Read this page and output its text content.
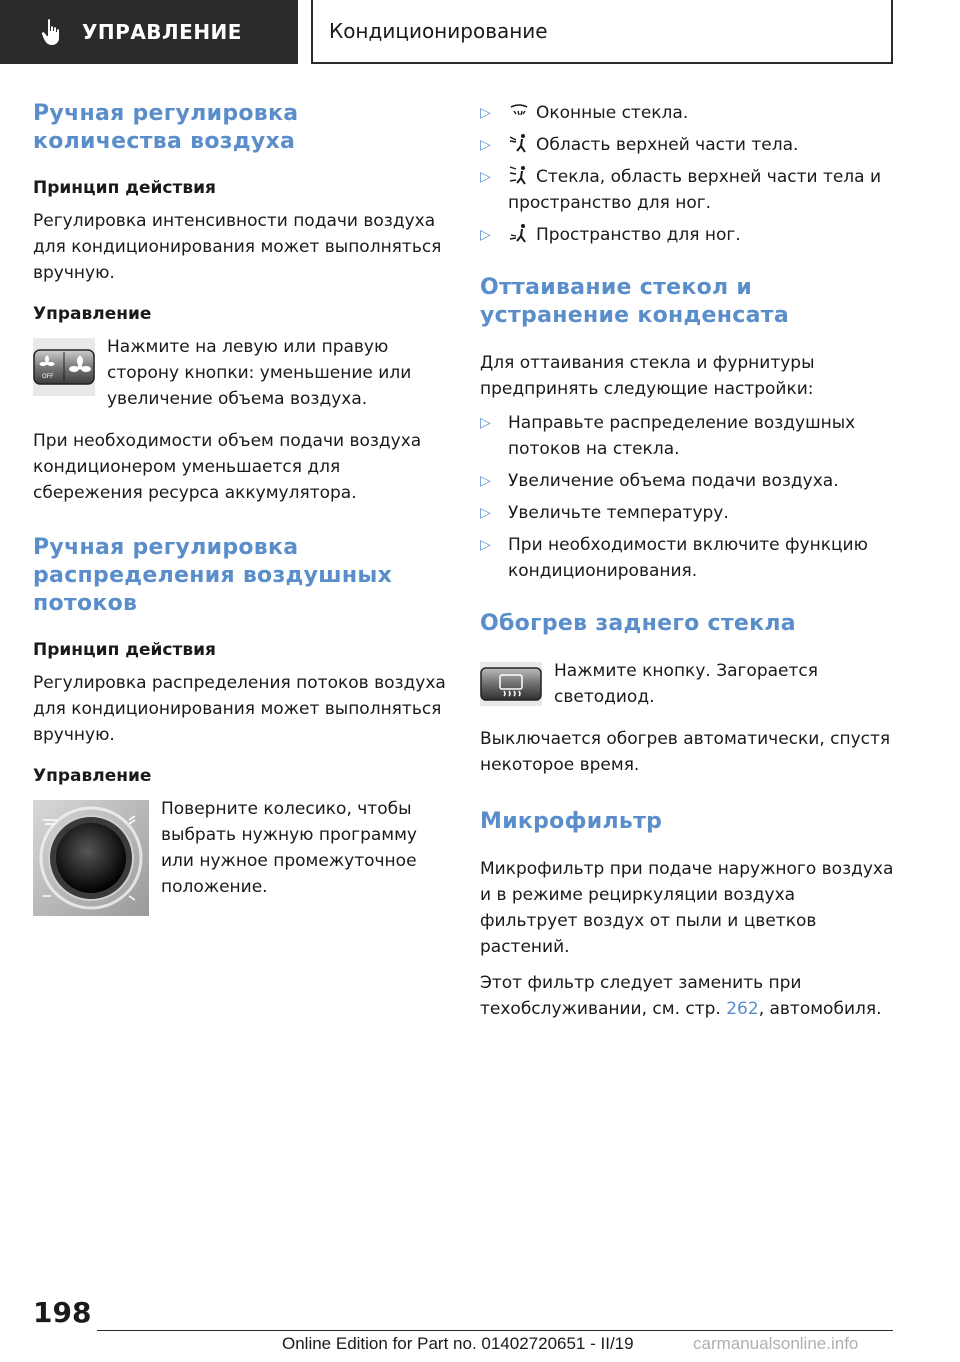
УПРАВЛЕНИЕ	Кондиционирование
Ручная регулировка количества воздуха
Принцип действия

Регулировка интенсивности подачи воздуха для кондиционирования может выполняться вручную.

Управление
OFF

Нажмите на левую или правую сторону кнопки: уменьшение или увеличение объема воздуха.

При необходимости объем подачи воздуха кондиционером уменьшается для сбережения ресурса аккумулятора.

Ручная регулировка распределения воздушных потоков
Принцип действия

Регулировка распределения потоков воздуха для кондиционирования может выполняться вручную.

Управление

Поверните колесико, чтобы выбрать нужную программу или нужное промежуточное положение.

▷	Оконные стекла.
▷	Область верхней части тела.
▷	Стекла, область верхней части тела и пространство для ног.
▷	Пространство для ног.
Оттаивание стекол и устранение конденсата

Для оттаивания стекла и фурнитуры предпринять следующие настройки:

▷ Направьте распределение воздушных потоков на стекла.
▷ Увеличение объема подачи воздуха.
▷ Увеличьте температуру.
▷ При необходимости включите функцию кондиционирования.
Обогрев заднего стекла

Нажмите кнопку. Загорается светодиод.

Выключается обогрев автоматически, спустя некоторое время.

Микрофильтр

Микрофильтр при подаче наружного воздуха и в режиме рециркуляции воздуха фильтрует воздух от пыли и цветков растений.

Этот фильтр следует заменить при техобслуживании, см. стр. 262, автомобиля.

198
Online Edition for Part no. 01402720651 - II/19	carmanualsonline.info
